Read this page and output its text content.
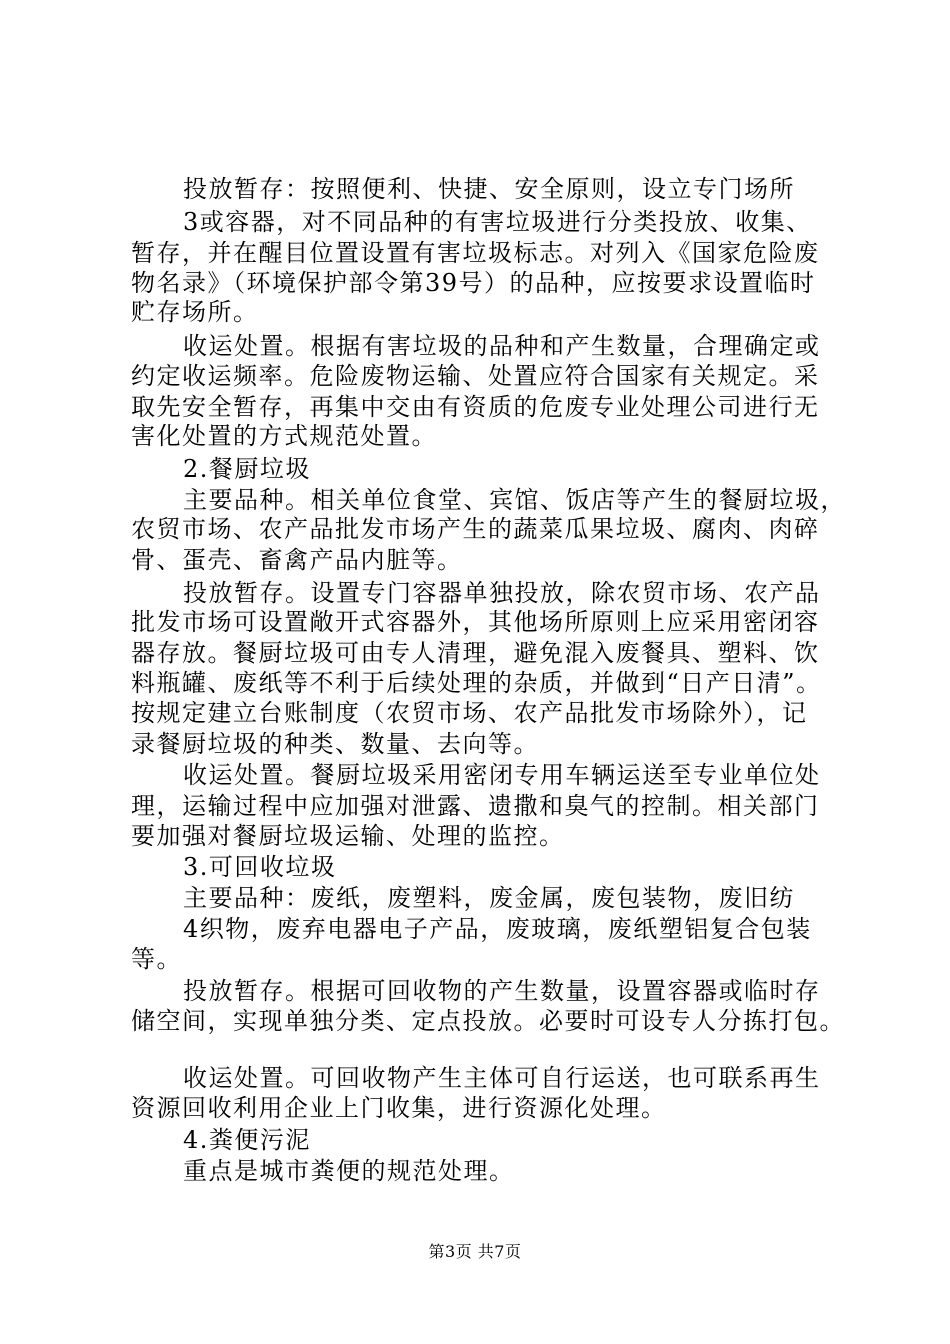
投放暂存：按照便利、快捷、安全原则，设立专门场所
3或容器，对不同品种的有害垃圾进行分类投放、收集、
暂存，并在醒目位置设置有害垃圾标志。对列入《国家危险废
物名录》（环境保护部令第39号）的品种，应按要求设置临时
贮存场所。
收运处置。根据有害垃圾的品种和产生数量，合理确定或
约定收运频率。危险废物运输、处置应符合国家有关规定。采
取先安全暂存，再集中交由有资质的危废专业处理公司进行无
害化处置的方式规范处置。
2.餐厨垃圾
主要品种。相关单位食堂、宾馆、饭店等产生的餐厨垃圾，
农贸市场、农产品批发市场产生的蔬菜瓜果垃圾、腐肉、肉碎
骨、蛋壳、畜禽产品内脏等。
投放暂存。设置专门容器单独投放，除农贸市场、农产品
批发市场可设置敞开式容器外，其他场所原则上应采用密闭容
器存放。餐厨垃圾可由专人清理，避免混入废餐具、塑料、饮
料瓶罐、废纸等不利于后续处理的杂质，并做到“日产日清”。
按规定建立台账制度（农贸市场、农产品批发市场除外），记
录餐厨垃圾的种类、数量、去向等。
收运处置。餐厨垃圾采用密闭专用车辆运送至专业单位处
理，运输过程中应加强对泄露、遗撒和臭气的控制。相关部门
要加强对餐厨垃圾运输、处理的监控。
3.可回收垃圾
主要品种：废纸，废塑料，废金属，废包装物，废旧纺
4织物，废弃电器电子产品，废玻璃，废纸塑铝复合包装
等。
投放暂存。根据可回收物的产生数量，设置容器或临时存
储空间，实现单独分类、定点投放。必要时可设专人分拣打包。
收运处置。可回收物产生主体可自行运送，也可联系再生
资源回收利用企业上门收集，进行资源化处理。
4.粪便污泥
重点是城市粪便的规范处理。
第3页 共7页
